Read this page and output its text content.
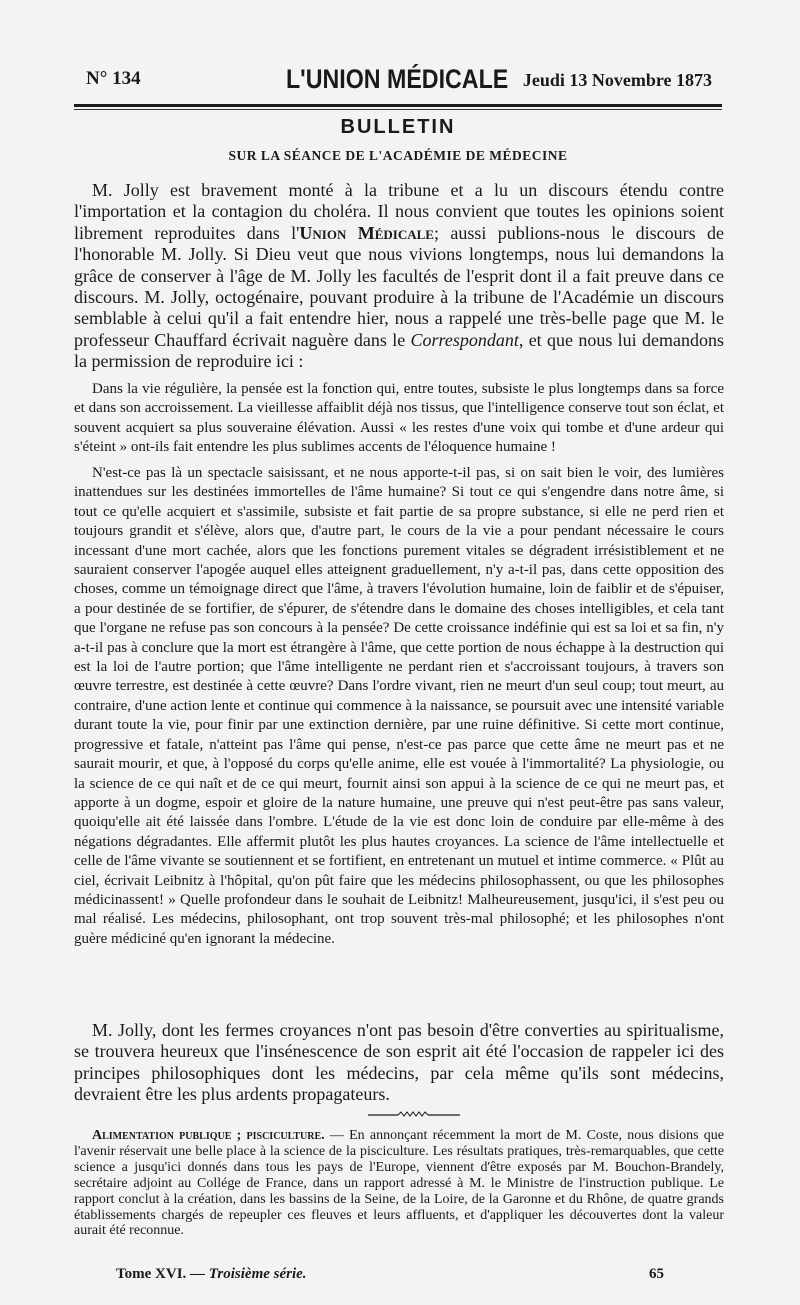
N° 134	L'UNION MÉDICALE Jeudi 13 Novembre 1873
BULLETIN
SUR LA SÉANCE DE L'ACADÉMIE DE MÉDECINE

M. Jolly est bravement monté à la tribune et a lu un discours étendu contre l'importation et la contagion du choléra. Il nous convient que toutes les opinions soient librement reproduites dans l'Union Médicale; aussi publions-nous le discours de l'honorable M. Jolly. Si Dieu veut que nous vivions longtemps, nous lui demandons la grâce de conserver à l'âge de M. Jolly les facultés de l'esprit dont il a fait preuve dans ce discours. M. Jolly, octogénaire, pouvant produire à la tribune de l'Académie un discours semblable à celui qu'il a fait entendre hier, nous a rappelé une très-belle page que M. le professeur Chauffard écrivait naguère dans le Correspondant, et que nous lui demandons la permission de reproduire ici :

Dans la vie régulière, la pensée est la fonction qui, entre toutes, subsiste le plus longtemps dans sa force et dans son accroissement. La vieillesse affaiblit déjà nos tissus, que l'intelligence conserve tout son éclat, et souvent acquiert sa plus souveraine élévation. Aussi « les restes d'une voix qui tombe et d'une ardeur qui s'éteint » ont-ils fait entendre les plus sublimes accents de l'éloquence humaine !

N'est-ce pas là un spectacle saisissant, et ne nous apporte-t-il pas, si on sait bien le voir, des lumières inattendues sur les destinées immortelles de l'âme humaine? Si tout ce qui s'engendre dans notre âme, si tout ce qu'elle acquiert et s'assimile, subsiste et fait partie de sa propre substance, si elle ne perd rien et toujours grandit et s'élève, alors que, d'autre part, le cours de la vie a pour pendant nécessaire le cours incessant d'une mort cachée, alors que les fonctions purement vitales se dégradent irrésistiblement et ne sauraient conserver l'apogée auquel elles atteignent graduellement, n'y a-t-il pas, dans cette opposition des choses, comme un témoignage direct que l'âme, à travers l'évolution humaine, loin de faiblir et de s'épuiser, a pour destinée de se fortifier, de s'épurer, de s'étendre dans le domaine des choses intelligibles, et cela tant que l'organe ne refuse pas son concours à la pensée? De cette croissance indéfinie qui est sa loi et sa fin, n'y a-t-il pas à conclure que la mort est étrangère à l'âme, que cette portion de nous échappe à la destruction qui est la loi de l'autre portion; que l'âme intelligente ne perdant rien et s'accroissant toujours, à travers son œuvre terrestre, est destinée à cette œuvre? Dans l'ordre vivant, rien ne meurt d'un seul coup; tout meurt, au contraire, d'une action lente et continue qui commence à la naissance, se poursuit avec une intensité variable durant toute la vie, pour finir par une extinction dernière, par une ruine définitive. Si cette mort continue, progressive et fatale, n'atteint pas l'âme qui pense, n'est-ce pas parce que cette âme ne meurt pas et ne saurait mourir, et que, à l'opposé du corps qu'elle anime, elle est vouée à l'immortalité? La physiologie, ou la science de ce qui naît et de ce qui meurt, fournit ainsi son appui à la science de ce qui ne meurt pas, et apporte à un dogme, espoir et gloire de la nature humaine, une preuve qui n'est peut-être pas sans valeur, quoiqu'elle ait été laissée dans l'ombre. L'étude de la vie est donc loin de conduire par elle-même à des négations dégradantes. Elle affermit plutôt les plus hautes croyances. La science de l'âme intellectuelle et celle de l'âme vivante se soutiennent et se fortifient, en entretenant un mutuel et intime commerce. « Plût au ciel, écrivait Leibnitz à l'hôpital, qu'on pût faire que les médecins philosophassent, ou que les philosophes médicinassent! » Quelle profondeur dans le souhait de Leibnitz! Malheureusement, jusqu'ici, il s'est peu ou mal réalisé. Les médecins, philosophant, ont trop souvent très-mal philosophé; et les philosophes n'ont guère médiciné qu'en ignorant la médecine.

M. Jolly, dont les fermes croyances n'ont pas besoin d'être converties au spiritualisme, se trouvera heureux que l'insénescence de son esprit ait été l'occasion de rappeler ici des principes philosophiques dont les médecins, par cela même qu'ils sont médecins, devraient être les plus ardents propagateurs.

Alimentation publique ; pisciculture. — En annonçant récemment la mort de M. Coste, nous disions que l'avenir réservait une belle place à la science de la pisciculture. Les résultats pratiques, très-remarquables, que cette science a jusqu'ici donnés dans tous les pays de l'Europe, viennent d'être exposés par M. Bouchon-Brandely, secrétaire adjoint au Collége de France, dans un rapport adressé à M. le Ministre de l'instruction publique. Le rapport conclut à la création, dans les bassins de la Seine, de la Loire, de la Garonne et du Rhône, de quatre grands établissements chargés de repeupler ces fleuves et leurs affluents, et d'appliquer les découvertes dont la valeur aurait été reconnue.

Tome XVI. — Troisième série.	65
